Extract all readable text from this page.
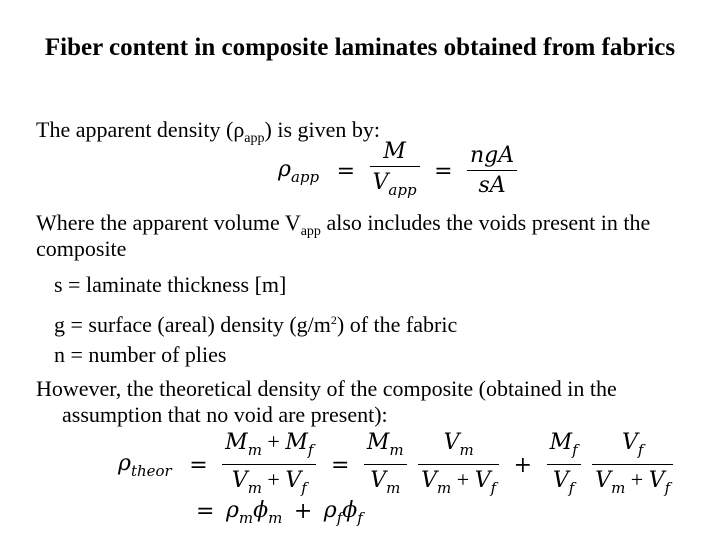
Fiber content in composite laminates obtained from fabrics
The apparent density $(\rho_{app})$ is given by:
$\rho_{app} = \frac{M}{V_{app}} = \frac{\text{ngA}}{sA}$
Where the apparent volume $V_{app}$ also includes the voids present in the
composite
s = laminate thickness [m]
g = surface (areal) density $(g/m^2)$ of the fabric
n = number of plies
However, the theoretical density of the composite (obtained in the
assumption that no void are present):
$\rho_{theor} = \frac{M_m + M_f}{V_m + V_f} = \frac{M_m}{V_m}$
$\frac{V_m}{V_m + V_f} + \frac{M_f}{V_f}$
$\frac{V_f}{V_m + V_f}$
= $\rho_m\phi_m + \rho_f\phi_f$
